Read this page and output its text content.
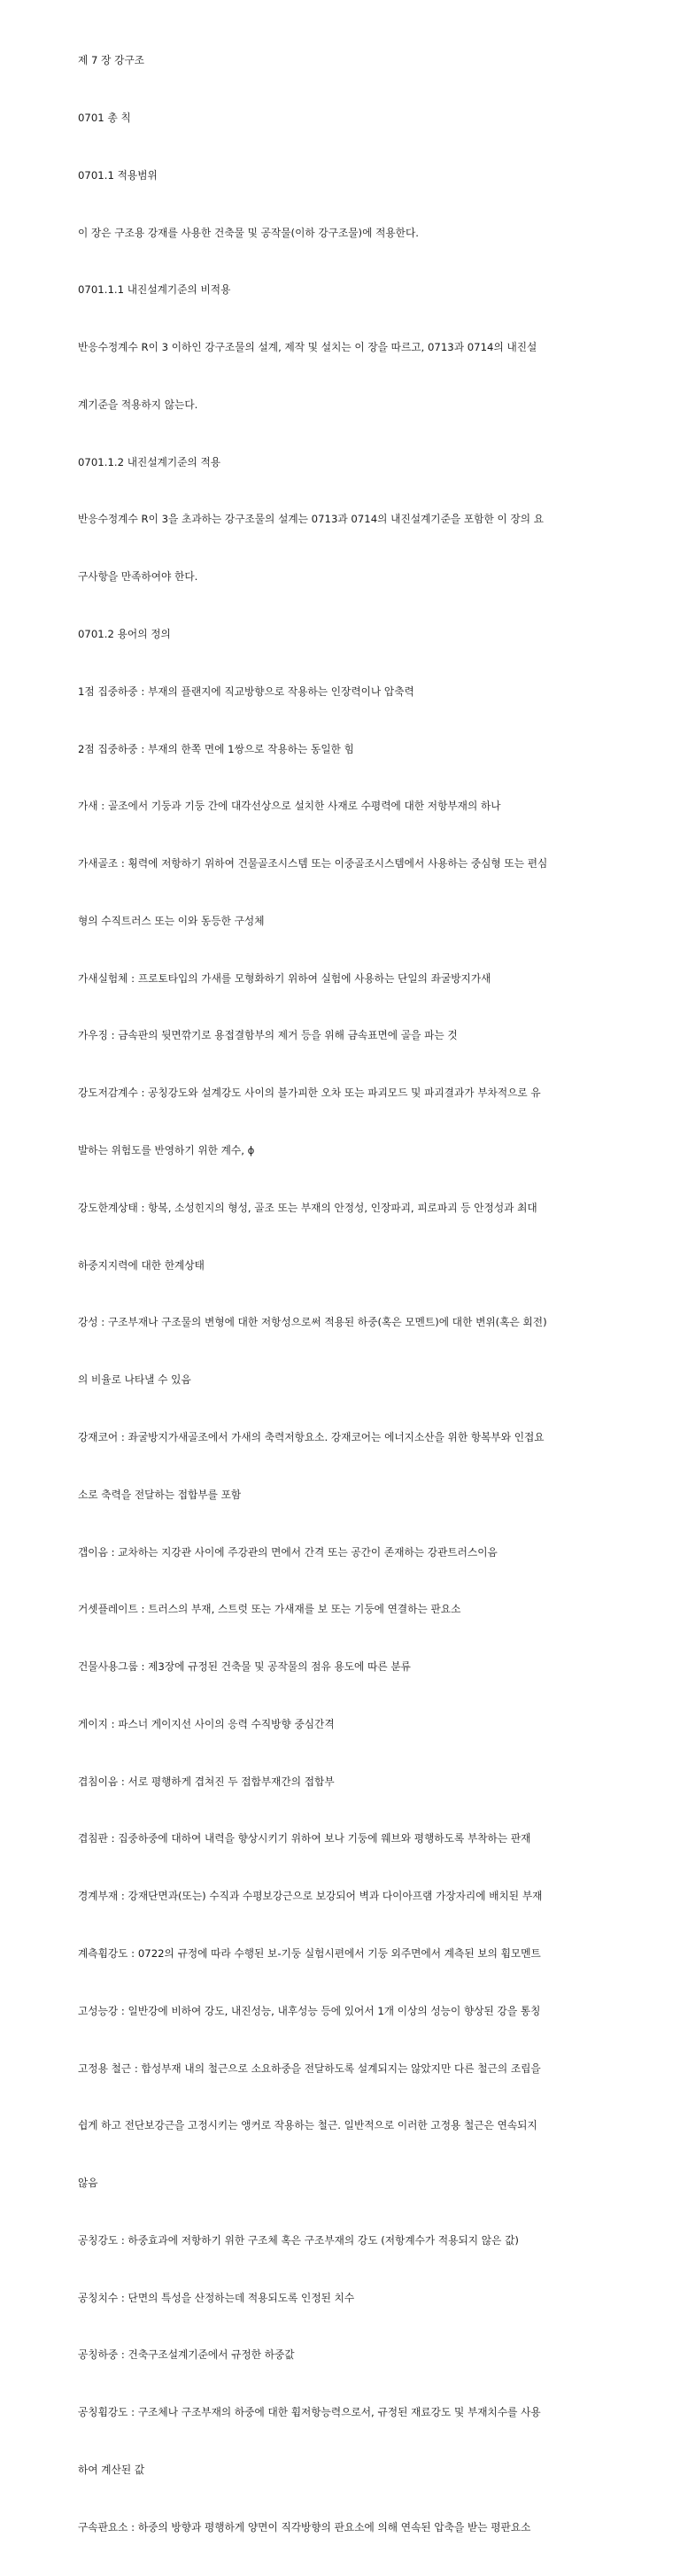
제 7 장 강구조

0701 총 칙

0701.1 적용범위

이 장은 구조용 강재를 사용한 건축물 및 공작물(이하 강구조물)에 적용한다.

0701.1.1 내진설계기준의 비적용

반응수정계수 R이 3 이하인 강구조물의 설계, 제작 및 설치는 이 장을 따르고, 0713과 0714의 내진설

계기준을 적용하지 않는다.

0701.1.2 내진설계기준의 적용

반응수정계수 R이 3을 초과하는 강구조물의 설계는 0713과 0714의 내진설계기준을 포함한 이 장의 요

구사항을 만족하여야 한다.

0701.2 용어의 정의

1점 집중하중 : 부재의 플랜지에 직교방향으로 작용하는 인장력이나 압축력

2점 집중하중 : 부재의 한쪽 면에 1쌍으로 작용하는 동일한 힘

가새 : 골조에서 기둥과 기둥 간에 대각선상으로 설치한 사재로 수평력에 대한 저항부재의 하나

가새골조 : 횡력에 저항하기 위하여 건물골조시스템 또는 이중골조시스템에서 사용하는 중심형 또는 편심

형의 수직트러스 또는 이와 동등한 구성체

가새실험체 : 프로토타입의 가새를 모형화하기 위하여 실험에 사용하는 단일의 좌굴방지가새

가우징 : 금속판의 뒷면깎기로 용접결함부의 제거 등을 위해 금속표면에 골을 파는 것

강도저감계수 : 공칭강도와 설계강도 사이의 불가피한 오차 또는 파괴모드 및 파괴결과가 부차적으로 유

발하는 위험도를 반영하기 위한 계수, ϕ

강도한계상태 : 항복, 소성힌지의 형성, 골조 또는 부재의 안정성, 인장파괴, 피로파괴 등 안정성과 최대

하중지지력에 대한 한계상태

강성 : 구조부재나 구조물의 변형에 대한 저항성으로써 적용된 하중(혹은 모멘트)에 대한 변위(혹은 회전)

의 비율로 나타낼 수 있음

강재코어 : 좌굴방지가새골조에서 가새의 축력저항요소. 강재코어는 에너지소산을 위한 항복부와 인접요

소로 축력을 전달하는 접합부를 포함

갭이음 : 교차하는 지강관 사이에 주강관의 면에서 간격 또는 공간이 존재하는 강관트러스이음

거셋플레이트 : 트러스의 부재, 스트럿 또는 가새재를 보 또는 기둥에 연결하는 판요소

건물사용그룹 : 제3장에 규정된 건축물 및 공작물의 점유 용도에 따른 분류

게이지 : 파스너 게이지선 사이의 응력 수직방향 중심간격

겹침이음 : 서로 평행하게 겹쳐진 두 접합부재간의 접합부

겹침판 : 집중하중에 대하여 내력을 향상시키기 위하여 보나 기둥에 웨브와 평행하도록 부착하는 판재

경계부재 : 강재단면과(또는) 수직과 수평보강근으로 보강되어 벽과 다이아프램 가장자리에 배치된 부재

계측휨강도 : 0722의 규정에 따라 수행된 보-기둥 실험시편에서 기둥 외주면에서 계측된 보의 휨모멘트

고성능강 : 일반강에 비하여 강도, 내진성능, 내후성능 등에 있어서 1개 이상의 성능이 향상된 강을 통칭

고정용 철근 : 합성부재 내의 철근으로 소요하중을 전달하도록 설계되지는 않았지만 다른 철근의 조립을

쉽게 하고 전단보강근을 고정시키는 앵커로 작용하는 철근. 일반적으로 이러한 고정용 철근은 연속되지

않음

공칭강도 : 하중효과에 저항하기 위한 구조체 혹은 구조부재의 강도 (저항계수가 적용되지 않은 값)

공칭치수 : 단면의 특성을 산정하는데 적용되도록 인정된 치수

공칭하중 : 건축구조설계기준에서 규정한 하중값

공칭휨강도 : 구조체나 구조부재의 하중에 대한 휨저항능력으로서, 규정된 재료강도 및 부재치수를 사용

하여 계산된 값

구속판요소 : 하중의 방향과 평행하게 양면이 직각방향의 판요소에 의해 연속된 압축을 받는 평판요소
